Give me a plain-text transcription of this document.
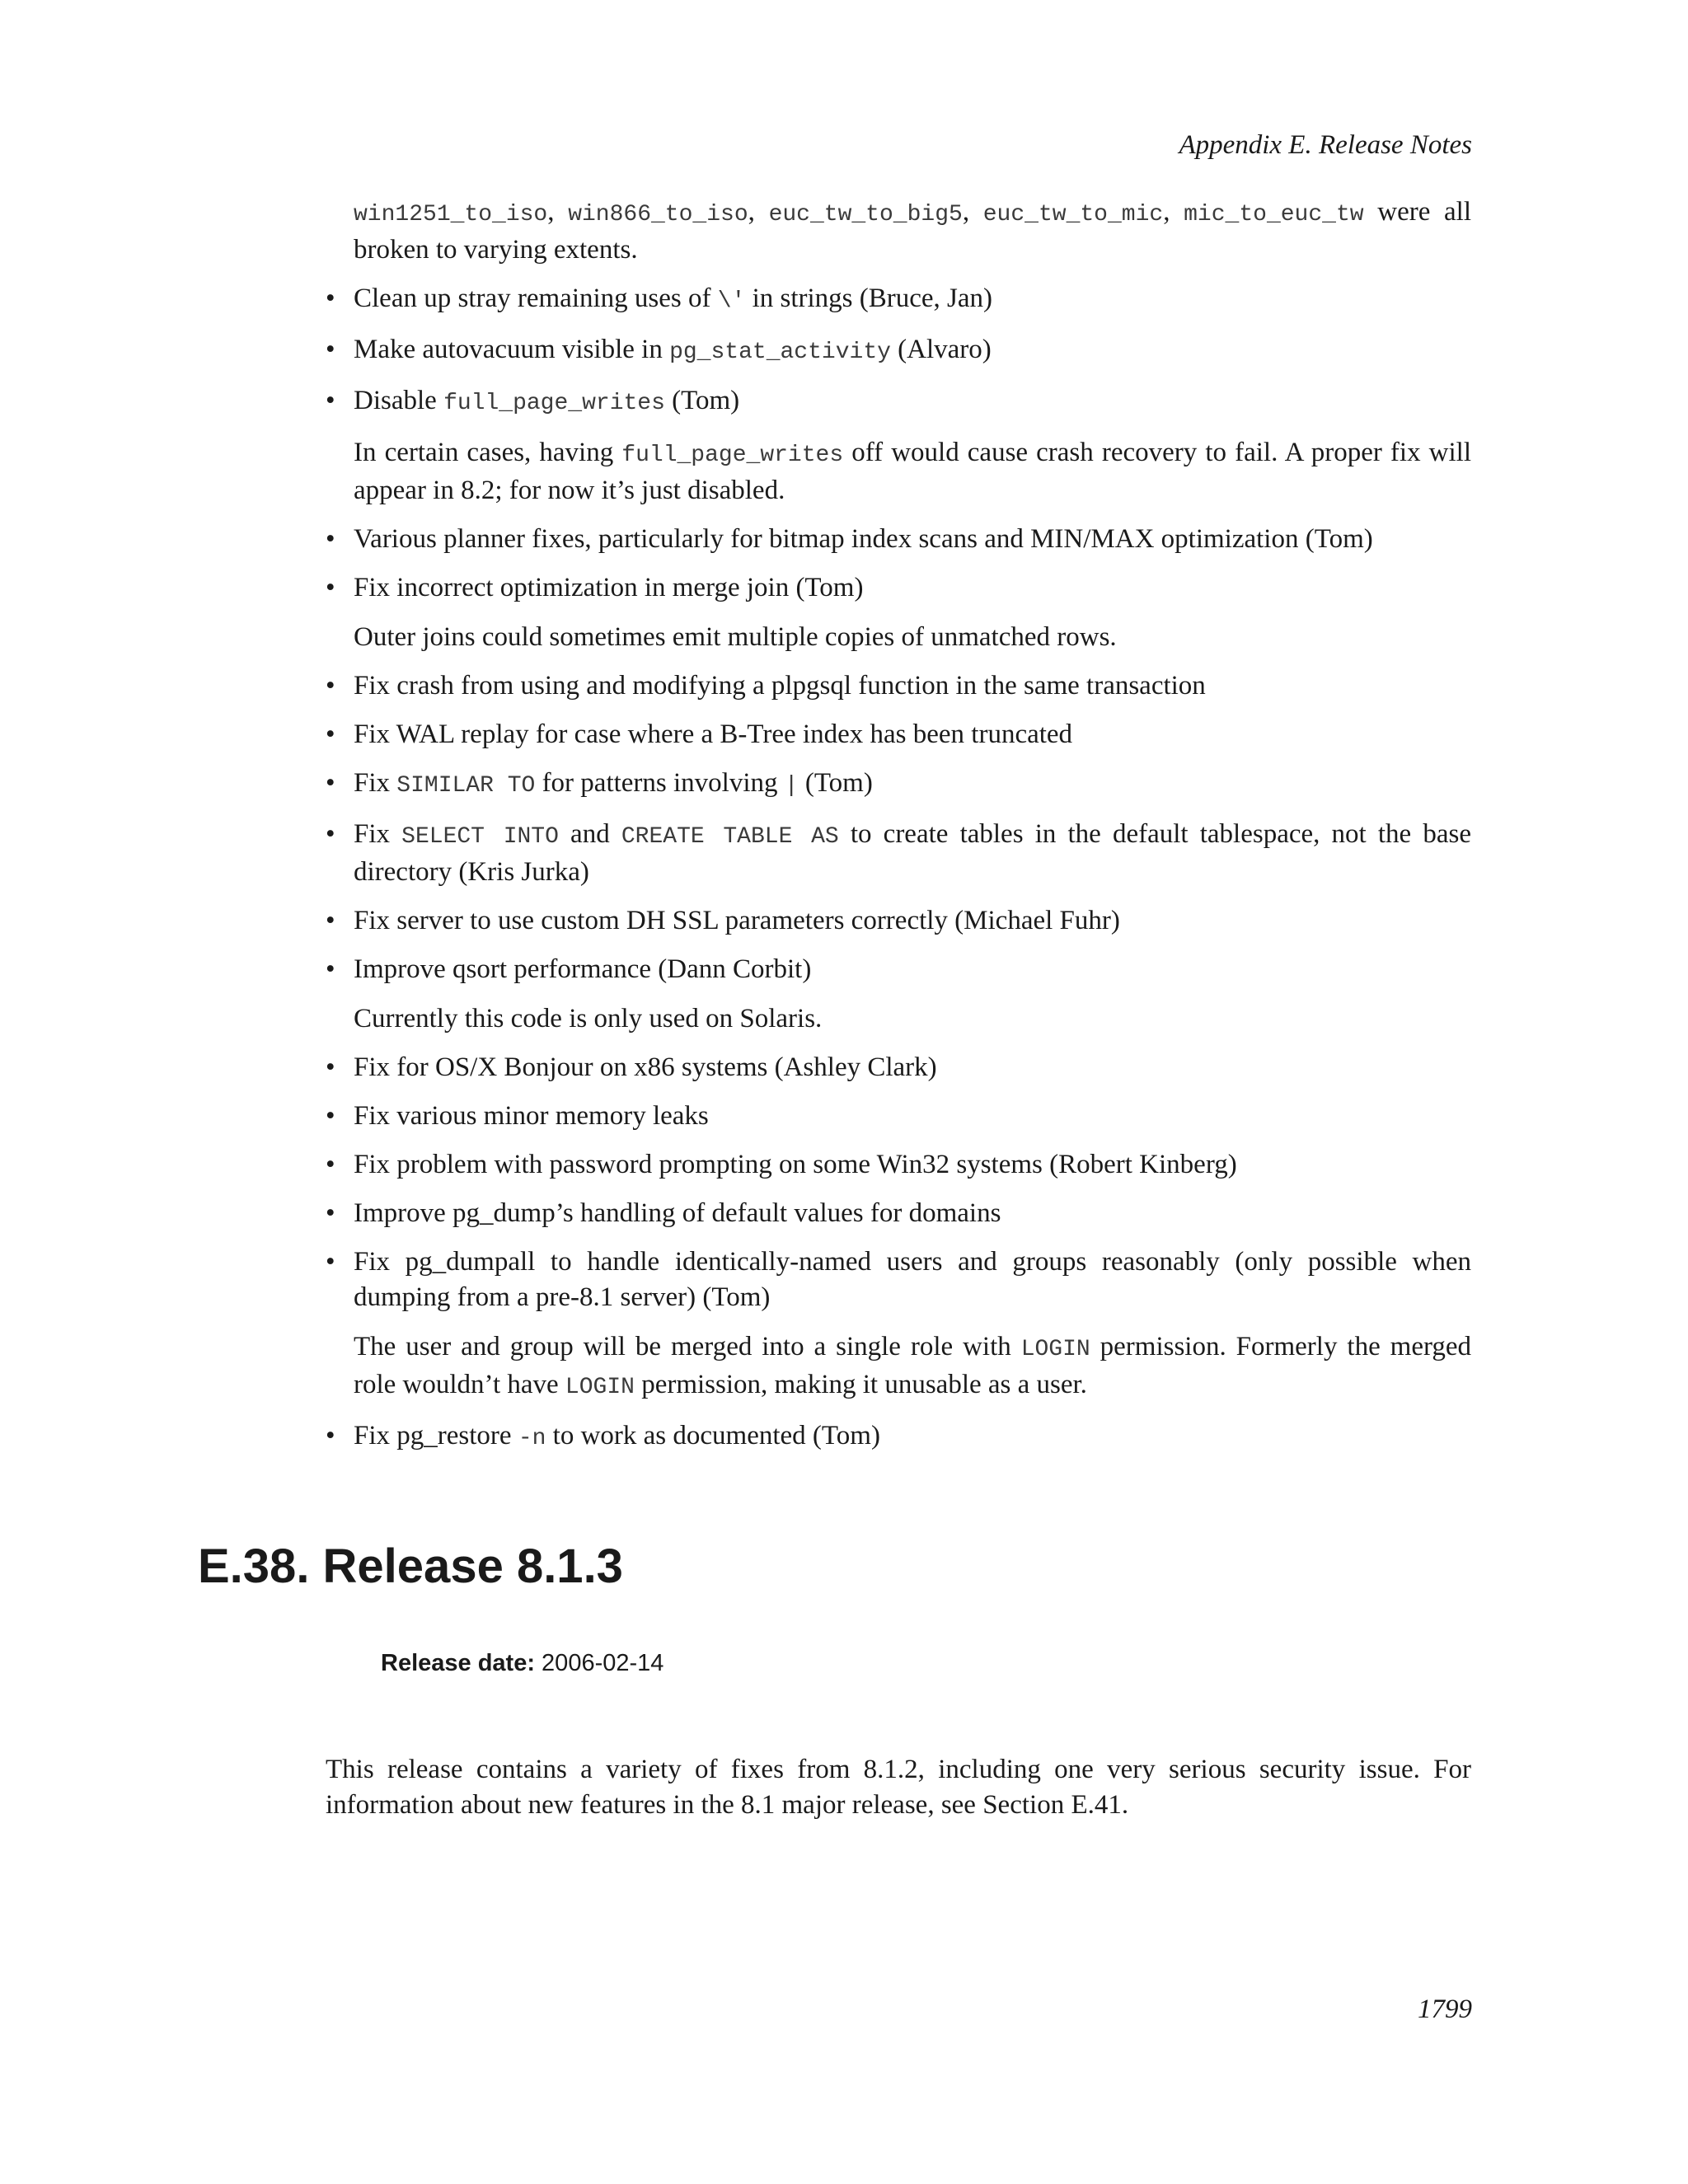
Appendix E. Release Notes

win1251_to_iso, win866_to_iso, euc_tw_to_big5, euc_tw_to_mic, mic_to_euc_tw were all broken to varying extents.

• Clean up stray remaining uses of \' in strings (Bruce, Jan)

• Make autovacuum visible in pg_stat_activity (Alvaro)

• Disable full_page_writes (Tom)

In certain cases, having full_page_writes off would cause crash recovery to fail. A proper fix will appear in 8.2; for now it’s just disabled.

• Various planner fixes, particularly for bitmap index scans and MIN/MAX optimization (Tom)

• Fix incorrect optimization in merge join (Tom)

Outer joins could sometimes emit multiple copies of unmatched rows.

• Fix crash from using and modifying a plpgsql function in the same transaction

• Fix WAL replay for case where a B-Tree index has been truncated

• Fix SIMILAR TO for patterns involving | (Tom)

• Fix SELECT INTO and CREATE TABLE AS to create tables in the default tablespace, not the base directory (Kris Jurka)

• Fix server to use custom DH SSL parameters correctly (Michael Fuhr)

• Improve qsort performance (Dann Corbit)

Currently this code is only used on Solaris.

• Fix for OS/X Bonjour on x86 systems (Ashley Clark)

• Fix various minor memory leaks

• Fix problem with password prompting on some Win32 systems (Robert Kinberg)

• Improve pg_dump’s handling of default values for domains

• Fix pg_dumpall to handle identically-named users and groups reasonably (only possible when dumping from a pre-8.1 server) (Tom)

The user and group will be merged into a single role with LOGIN permission. Formerly the merged role wouldn’t have LOGIN permission, making it unusable as a user.

• Fix pg_restore -n to work as documented (Tom)

E.38. Release 8.1.3
Release date: 2006-02-14

This release contains a variety of fixes from 8.1.2, including one very serious security issue. For information about new features in the 8.1 major release, see Section E.41.

1799
